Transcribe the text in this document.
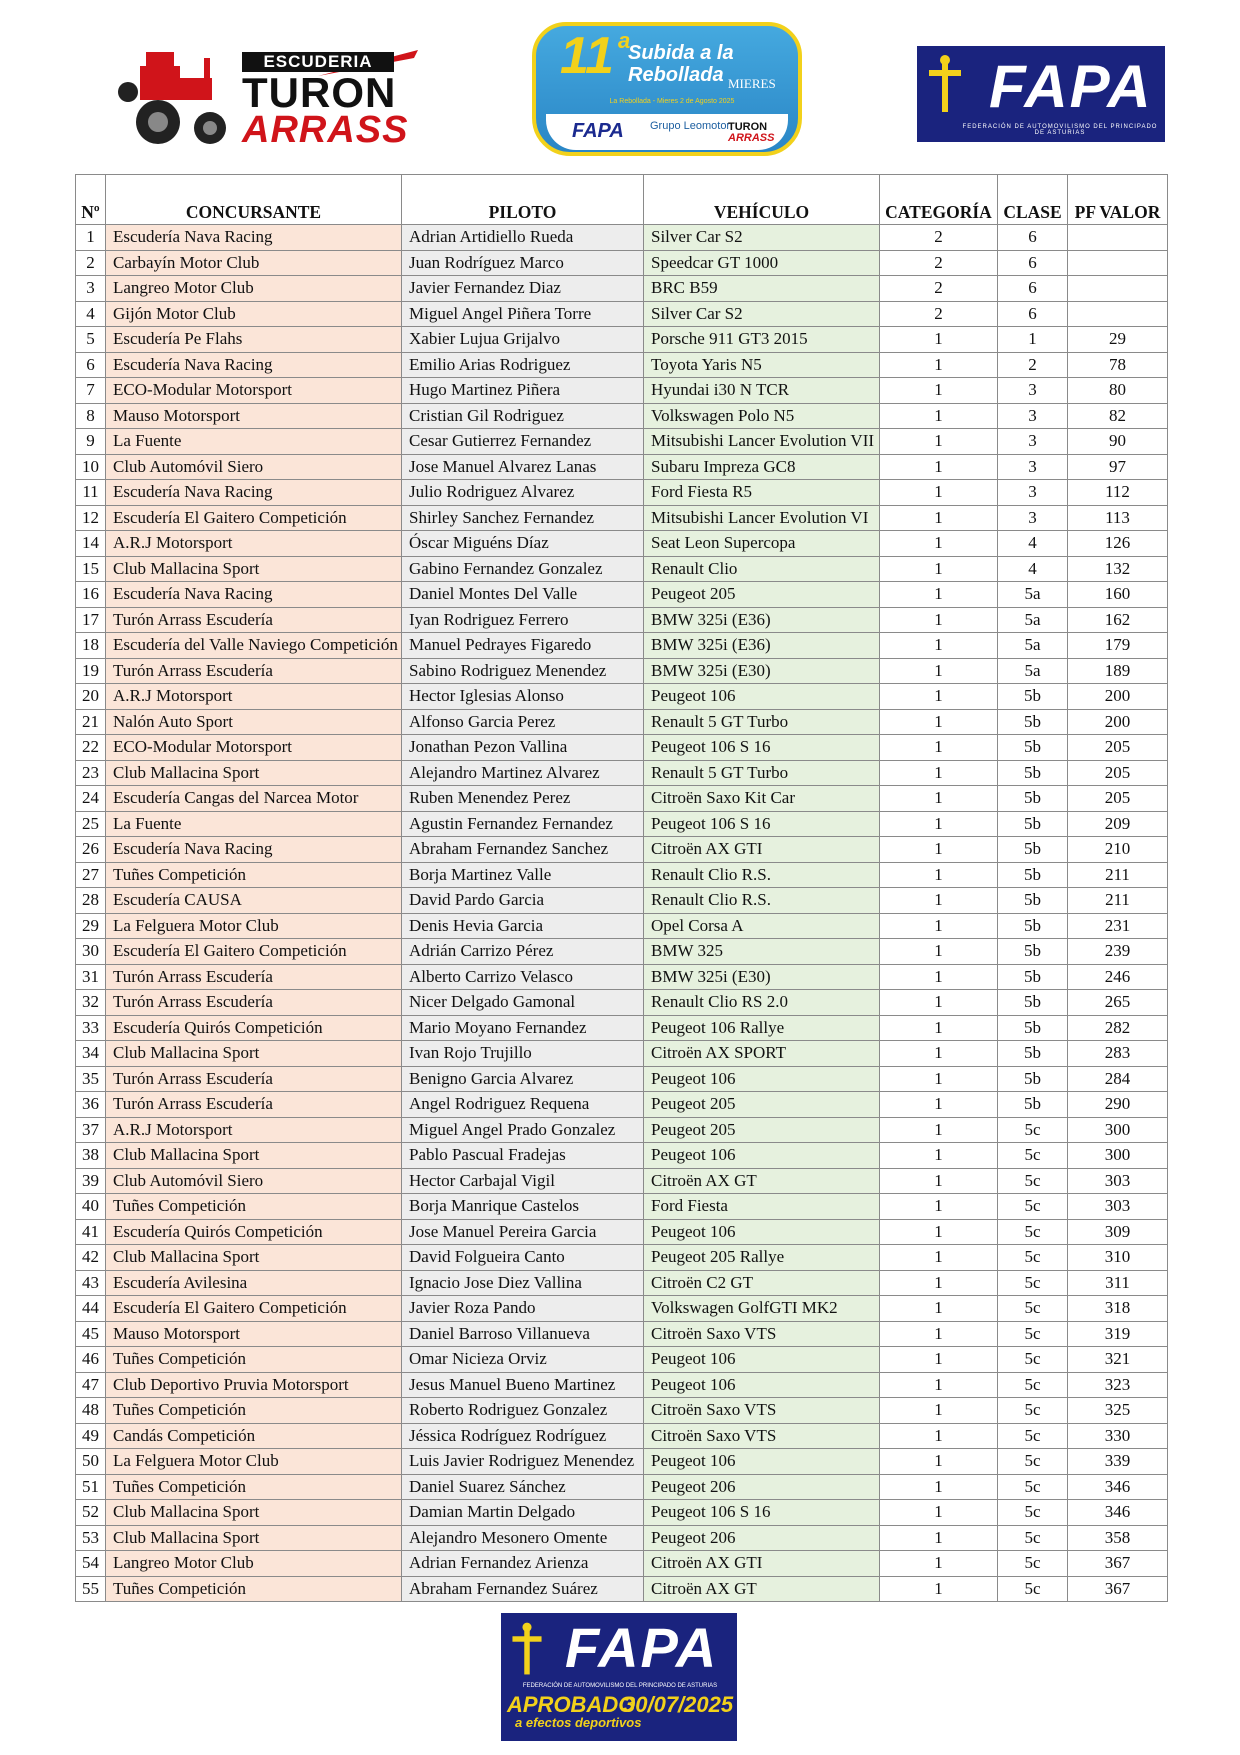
ESCUDERIA
TURON
ARRASS
11 a
Subida a la
Rebollada MIERES
La Rebollada - Mieres 2 de Agosto 2025
FAPA Grupo Leomotor
TURON
ARRASS
FAPA
FEDERACIÓN DE AUTOMOVILISMO DEL PRINCIPADO DE ASTURIAS
Nº	CONCURSANTE	PILOTO	VEHÍCULO	CATEGORÍA	CLASE	PF VALOR
1	Escudería Nava Racing	Adrian Artidiello Rueda	Silver Car S2	2	6	
2	Carbayín Motor Club	Juan Rodríguez Marco	Speedcar GT 1000	2	6	
3	Langreo Motor Club	Javier Fernandez Diaz	BRC B59	2	6	
4	Gijón Motor Club	Miguel Angel Piñera Torre	Silver Car S2	2	6	
5	Escudería Pe Flahs	Xabier Lujua Grijalvo	Porsche 911 GT3 2015	1	1	29
6	Escudería Nava Racing	Emilio Arias Rodriguez	Toyota Yaris N5	1	2	78
7	ECO-Modular Motorsport	Hugo Martinez Piñera	Hyundai i30 N TCR	1	3	80
8	Mauso Motorsport	Cristian Gil Rodriguez	Volkswagen Polo N5	1	3	82
9	La Fuente	Cesar Gutierrez Fernandez	Mitsubishi Lancer Evolution VII	1	3	90
10	Club Automóvil Siero	Jose Manuel Alvarez Lanas	Subaru Impreza GC8	1	3	97
11	Escudería Nava Racing	Julio Rodriguez Alvarez	Ford Fiesta R5	1	3	112
12	Escudería El Gaitero Competición	Shirley Sanchez Fernandez	Mitsubishi Lancer Evolution VI	1	3	113
14	A.R.J Motorsport	Óscar Miguéns Díaz	Seat Leon Supercopa	1	4	126
15	Club Mallacina Sport	Gabino Fernandez Gonzalez	Renault Clio	1	4	132
16	Escudería Nava Racing	Daniel Montes Del Valle	Peugeot 205	1	5a	160
17	Turón Arrass Escudería	Iyan Rodriguez Ferrero	BMW 325i (E36)	1	5a	162
18	Escudería del Valle Naviego Competición	Manuel Pedrayes Figaredo	BMW 325i (E36)	1	5a	179
19	Turón Arrass Escudería	Sabino Rodriguez Menendez	BMW 325i (E30)	1	5a	189
20	A.R.J Motorsport	Hector Iglesias Alonso	Peugeot 106	1	5b	200
21	Nalón Auto Sport	Alfonso Garcia Perez	Renault 5 GT Turbo	1	5b	200
22	ECO-Modular Motorsport	Jonathan Pezon Vallina	Peugeot 106 S 16	1	5b	205
23	Club Mallacina Sport	Alejandro Martinez Alvarez	Renault 5 GT Turbo	1	5b	205
24	Escudería Cangas del Narcea Motor	Ruben Menendez Perez	Citroën Saxo Kit Car	1	5b	205
25	La Fuente	Agustin Fernandez Fernandez	Peugeot 106 S 16	1	5b	209
26	Escudería Nava Racing	Abraham Fernandez Sanchez	Citroën AX GTI	1	5b	210
27	Tuñes Competición	Borja Martinez Valle	Renault Clio R.S.	1	5b	211
28	Escudería CAUSA	David Pardo Garcia	Renault Clio R.S.	1	5b	211
29	La Felguera Motor Club	Denis Hevia Garcia	Opel Corsa A	1	5b	231
30	Escudería El Gaitero Competición	Adrián Carrizo Pérez	BMW 325	1	5b	239
31	Turón Arrass Escudería	Alberto Carrizo Velasco	BMW 325i (E30)	1	5b	246
32	Turón Arrass Escudería	Nicer Delgado Gamonal	Renault Clio RS 2.0	1	5b	265
33	Escudería Quirós Competición	Mario Moyano Fernandez	Peugeot 106 Rallye	1	5b	282
34	Club Mallacina Sport	Ivan Rojo Trujillo	Citroën AX SPORT	1	5b	283
35	Turón Arrass Escudería	Benigno Garcia Alvarez	Peugeot 106	1	5b	284
36	Turón Arrass Escudería	Angel Rodriguez Requena	Peugeot 205	1	5b	290
37	A.R.J Motorsport	Miguel Angel Prado Gonzalez	Peugeot 205	1	5c	300
38	Club Mallacina Sport	Pablo Pascual Fradejas	Peugeot 106	1	5c	300
39	Club Automóvil Siero	Hector Carbajal Vigil	Citroën AX GT	1	5c	303
40	Tuñes Competición	Borja Manrique Castelos	Ford Fiesta	1	5c	303
41	Escudería Quirós Competición	Jose Manuel Pereira Garcia	Peugeot 106	1	5c	309
42	Club Mallacina Sport	David Folgueira Canto	Peugeot 205 Rallye	1	5c	310
43	Escudería Avilesina	Ignacio Jose Diez Vallina	Citroën C2 GT	1	5c	311
44	Escudería El Gaitero Competición	Javier Roza Pando	Volkswagen GolfGTI MK2	1	5c	318
45	Mauso Motorsport	Daniel Barroso Villanueva	Citroën Saxo VTS	1	5c	319
46	Tuñes Competición	Omar Nicieza Orviz	Peugeot 106	1	5c	321
47	Club Deportivo Pruvia Motorsport	Jesus Manuel Bueno Martinez	Peugeot 106	1	5c	323
48	Tuñes Competición	Roberto Rodriguez Gonzalez	Citroën Saxo VTS	1	5c	325
49	Candás Competición	Jéssica Rodríguez Rodríguez	Citroën Saxo VTS	1	5c	330
50	La Felguera Motor Club	Luis Javier Rodriguez Menendez	Peugeot 106	1	5c	339
51	Tuñes Competición	Daniel Suarez Sánchez	Peugeot 206	1	5c	346
52	Club Mallacina Sport	Damian Martin Delgado	Peugeot 106 S 16	1	5c	346
53	Club Mallacina Sport	Alejandro Mesonero Omente	Peugeot 206	1	5c	358
54	Langreo Motor Club	Adrian Fernandez Arienza	Citroën AX GTI	1	5c	367
55	Tuñes Competición	Abraham Fernandez Suárez	Citroën AX GT	1	5c	367
FAPA
FEDERACIÓN DE AUTOMOVILISMO DEL PRINCIPADO DE ASTURIAS
APROBADO
30/07/2025
a efectos deportivos
